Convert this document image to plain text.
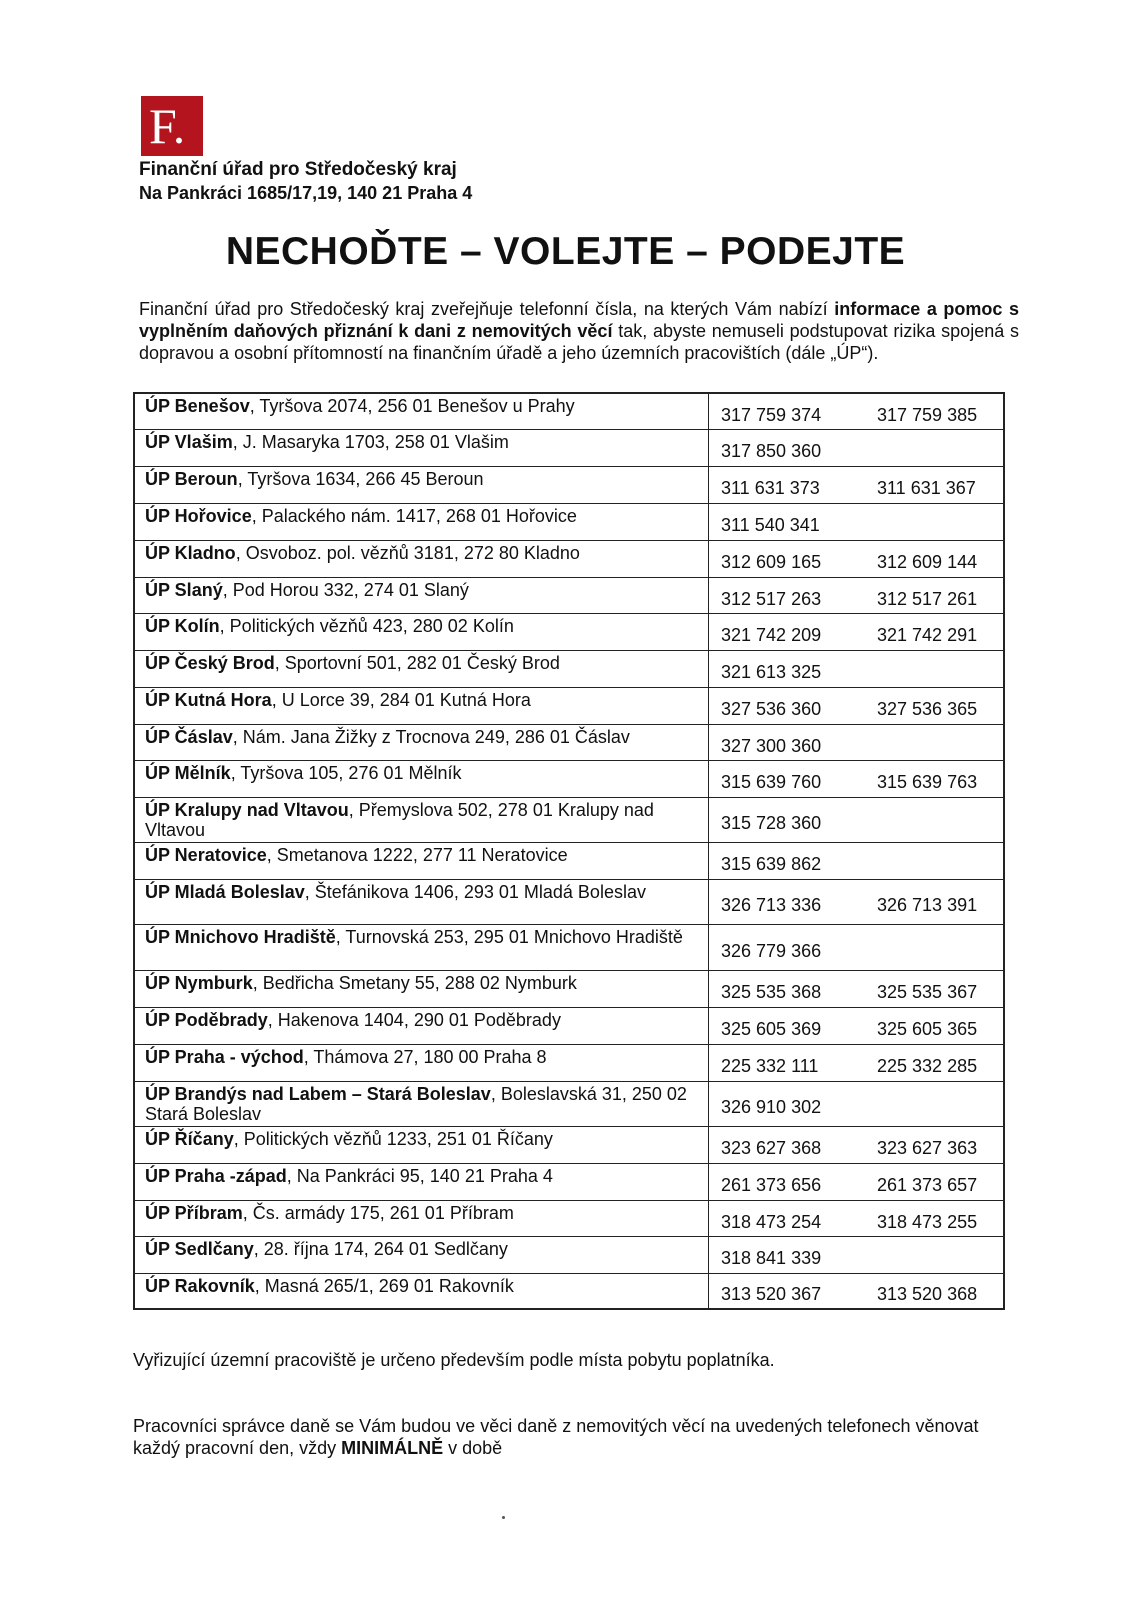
F.
Finanční úřad pro Středočeský kraj
Na Pankráci 1685/17,19, 140 21 Praha 4
NECHOĎTE – VOLEJTE – PODEJTE
Finanční úřad pro Středočeský kraj zveřejňuje telefonní čísla, na kterých Vám nabízí informace a pomoc s vyplněním daňových přiznání k dani z nemovitých věcí tak, abyste nemuseli podstupovat rizika spojená s dopravou a osobní přítomností na finančním úřadě a jeho územních pracovištích (dále „ÚP“).
ÚP Benešov, Tyršova 2074, 256 01 Benešov u Prahy	317 759 374	317 759 385
ÚP Vlašim, J. Masaryka 1703, 258 01 Vlašim	317 850 360	
ÚP Beroun, Tyršova 1634, 266 45 Beroun	311 631 373	311 631 367
ÚP Hořovice, Palackého nám. 1417, 268 01 Hořovice	311 540 341	
ÚP Kladno, Osvoboz. pol. vězňů 3181, 272 80 Kladno	312 609 165	312 609 144
ÚP Slaný, Pod Horou 332, 274 01 Slaný	312 517 263	312 517 261
ÚP Kolín, Politických vězňů 423, 280 02 Kolín	321 742 209	321 742 291
ÚP Český Brod, Sportovní 501, 282 01 Český Brod	321 613 325	
ÚP Kutná Hora, U Lorce 39, 284 01 Kutná Hora	327 536 360	327 536 365
ÚP Čáslav, Nám. Jana Žižky z Trocnova 249, 286 01 Čáslav	327 300 360	
ÚP Mělník, Tyršova 105, 276 01 Mělník	315 639 760	315 639 763
ÚP Kralupy nad Vltavou, Přemyslova 502, 278 01 Kralupy nad Vltavou	315 728 360	
ÚP Neratovice, Smetanova 1222, 277 11 Neratovice	315 639 862	
ÚP Mladá Boleslav, Štefánikova 1406, 293 01 Mladá Boleslav	326 713 336	326 713 391
ÚP Mnichovo Hradiště, Turnovská 253, 295 01 Mnichovo Hradiště	326 779 366	
ÚP Nymburk, Bedřicha Smetany 55, 288 02 Nymburk	325 535 368	325 535 367
ÚP Poděbrady, Hakenova 1404, 290 01 Poděbrady	325 605 369	325 605 365
ÚP Praha - východ, Thámova 27, 180 00 Praha 8	225 332 111	225 332 285
ÚP Brandýs nad Labem – Stará Boleslav, Boleslavská 31, 250 02 Stará Boleslav	326 910 302	
ÚP Říčany, Politických vězňů 1233, 251 01 Říčany	323 627 368	323 627 363
ÚP Praha -západ, Na Pankráci 95, 140 21 Praha 4	261 373 656	261 373 657
ÚP Příbram, Čs. armády 175, 261 01 Příbram	318 473 254	318 473 255
ÚP Sedlčany, 28. října 174, 264 01 Sedlčany	318 841 339	
ÚP Rakovník, Masná 265/1, 269 01 Rakovník	313 520 367	313 520 368
Vyřizující územní pracoviště je určeno především podle místa pobytu poplatníka.
Pracovníci správce daně se Vám budou ve věci daně z nemovitých věcí na uvedených telefonech věnovat každý pracovní den, vždy MINIMÁLNĚ v době
